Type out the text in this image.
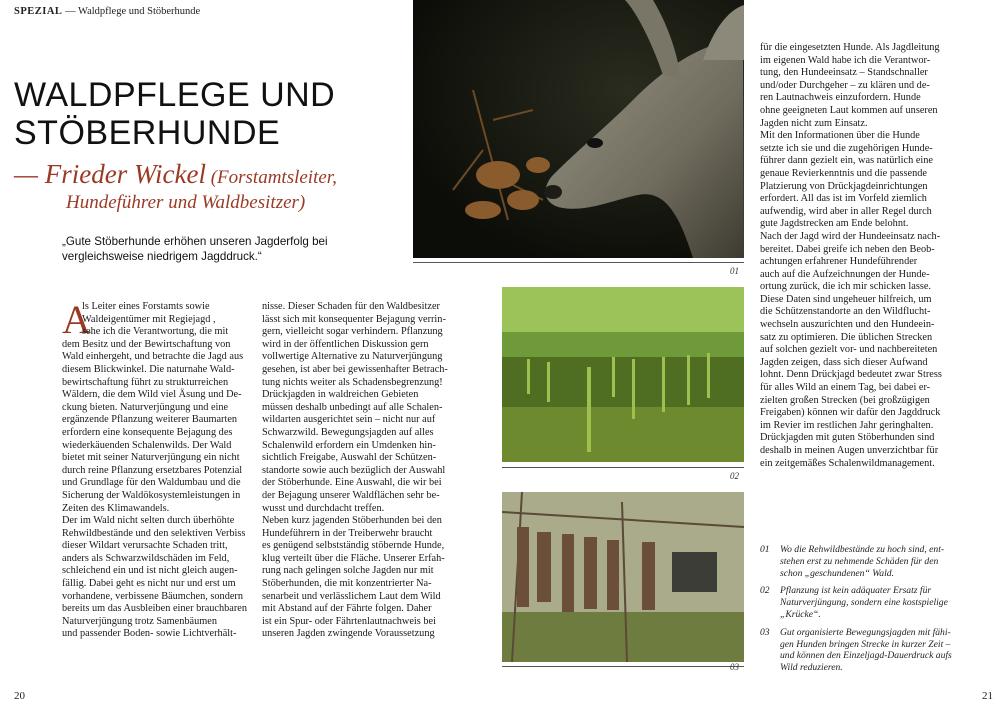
SPEZIAL — Waldpflege und Stöberhunde
WALDPFLEGE UND
STÖBERHUNDE
— Frieder Wickel (Forstamtsleiter,
Hundeführer und Waldbesitzer)
„Gute Stöberhunde erhöhen unseren Jagderfolg bei vergleichsweise niedrigem Jagddruck.“
A

ls Leiter eines Forstamts sowie

Waldeigentümer mit Regiejagd ,

sehe ich die Verantwortung, die mit

dem Besitz und der Bewirtschaftung von

Wald einhergeht, und betrachte die Jagd aus

diesem Blickwinkel. Die naturnahe Wald-

bewirtschaftung führt zu strukturreichen

Wäldern, die dem Wild viel Äsung und De-

ckung bieten. Naturverjüngung und eine

ergänzende Pflanzung weiterer Baumarten

erfordern eine konsequente Bejagung des

wiederkäuenden Schalenwilds. Der Wald

bietet mit seiner Naturverjüngung ein nicht

durch reine Pflanzung ersetzbares Potenzial

und Grundlage für den Waldumbau und die

Sicherung der Waldökosystemleistungen in

Zeiten des Klimawandels.

Der im Wald nicht selten durch überhöhte

Rehwildbestände und den selektiven Verbiss

dieser Wildart verursachte Schaden tritt,

anders als Schwarzwildschäden im Feld,

schleichend ein und ist nicht gleich augen-

fällig. Dabei geht es nicht nur und erst um

vorhandene, verbissene Bäumchen, sondern

bereits um das Ausbleiben einer brauchbaren

Naturverjüngung trotz Samenbäumen

und passender Boden- sowie Lichtverhält-

nisse. Dieser Schaden für den Waldbesitzer

lässt sich mit konsequenter Bejagung verrin-

gern, vielleicht sogar verhindern. Pflanzung

wird in der öffentlichen Diskussion gern

vollwertige Alternative zu Naturverjüngung

gesehen, ist aber bei gewissenhafter Betrach-

tung nichts weiter als Schadensbegrenzung!

Drückjagden in waldreichen Gebieten

müssen deshalb unbedingt auf alle Schalen-

wildarten ausgerichtet sein – nicht nur auf

Schwarzwild. Bewegungsjagden auf alles

Schalenwild erfordern ein Umdenken hin-

sichtlich Freigabe, Auswahl der Schützen-

standorte sowie auch bezüglich der Auswahl

der Stöberhunde. Eine Auswahl, die wir bei

der Bejagung unserer Waldflächen sehr be-

wusst und durchdacht treffen.

Neben kurz jagenden Stöberhunden bei den

Hundeführern in der Treiberwehr braucht

es genügend selbstständig stöbernde Hunde,

klug verteilt über die Fläche. Unserer Erfah-

rung nach gelingen solche Jagden nur mit

Stöberhunden, die mit konzentrierter Na-

senarbeit und verlässlichem Laut dem Wild

mit Abstand auf der Fährte folgen. Daher

ist ein Spur- oder Fährtenlautnachweis bei

unseren Jagden zwingende Voraussetzung

01
02
03

für die eingesetzten Hunde. Als Jagdleitung

im eigenen Wald habe ich die Verantwor-

tung, den Hundeeinsatz – Standschnaller

und/oder Durchgeher – zu klären und de-

ren Lautnachweis einzufordern. Hunde

ohne geeigneten Laut kommen auf unseren

Jagden nicht zum Einsatz.

Mit den Informationen über die Hunde

setzte ich sie und die zugehörigen Hunde-

führer dann gezielt ein, was natürlich eine

genaue Revierkenntnis und die passende

Platzierung von Drückjagdeinrichtungen

erfordert. All das ist im Vorfeld ziemlich

aufwendig, wird aber in aller Regel durch

gute Jagdstrecken am Ende belohnt.

Nach der Jagd wird der Hundeeinsatz nach-

bereitet. Dabei greife ich neben den Beob-

achtungen erfahrener Hundeführender

auch auf die Aufzeichnungen der Hunde-

ortung zurück, die ich mir schicken lasse.

Diese Daten sind ungeheuer hilfreich, um

die Schützenstandorte an den Wildflucht-

wechseln auszurichten und den Hundeein-

satz zu optimieren. Die üblichen Strecken

auf solchen gezielt vor- und nachbereiteten

Jagden zeigen, dass sich dieser Aufwand

lohnt. Denn Drückjagd bedeutet zwar Stress

für alles Wild an einem Tag, bei dabei er-

zielten großen Strecken (bei großzügigen

Freigaben) können wir dafür den Jagddruck

im Revier im restlichen Jahr geringhalten.

Drückjagden mit guten Stöberhunden sind

deshalb in meinen Augen unverzichtbar für

ein zeitgemäßes Schalenwildmanagement.

01 Wo die Rehwildbestände zu hoch sind, ent-

stehen erst zu nehmende Schäden für den

schon „geschundenen“ Wald.

02 Pflanzung ist kein adäquater Ersatz für

Naturverjüngung, sondern eine kostspielige

„Krücke“.

03 Gut organisierte Bewegungsjagden mit fähi-

gen Hunden bringen Strecke in kurzer Zeit –

und können den Einzeljagd-Dauerdruck aufs

Wild reduzieren.

20	21
